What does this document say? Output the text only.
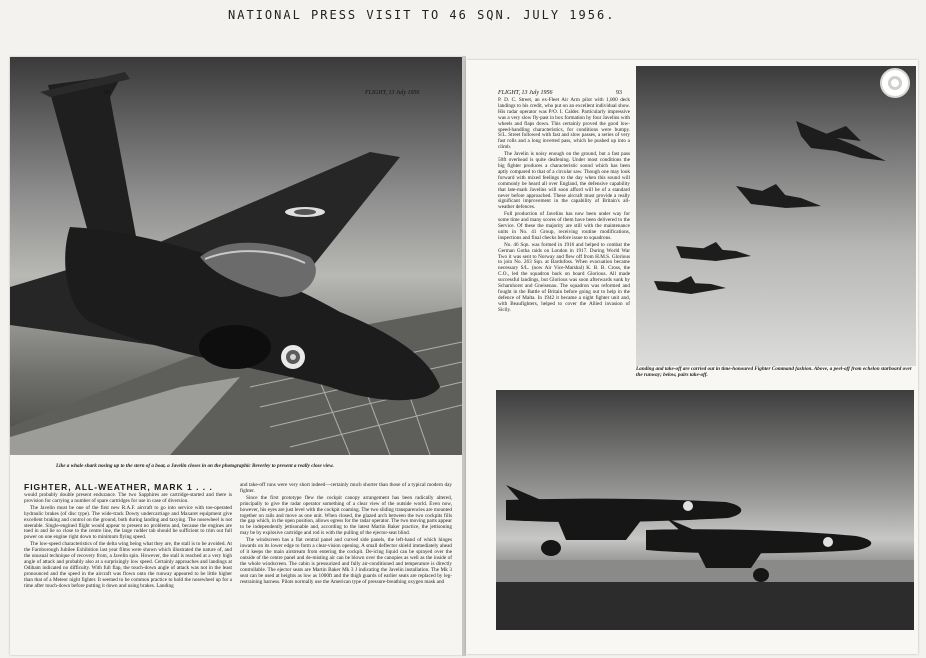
NATIONAL PRESS VISIT TO 46 SQN. JULY 1956.
90	FLIGHT, 13 July 1956
Like a whale shark nosing up to the stern of a boat, a Javelin closes in on the photographic Beverley to present a really close view.
FIGHTER, ALL-WEATHER, MARK 1 . . .

would probably double present endurance. The two Sapphires are cartridge-started and there is provision for carrying a number of spare cartridges for use in case of diversion.

The Javelin must be one of the first new R.A.F. aircraft to go into service with toe-operated hydraulic brakes (of disc type). The wide-track Dowty undercarriage and Maxaret equipment give excellent braking and control on the ground, both during landing and taxying. The nosewheel is not steerable. Single-engined flight would appear to present no problems and, because the engines are toed in and lie so close to the centre line, the large rudder tab should be sufficient to trim out full power on one engine right down to minimum flying speed.

The low-speed characteristics of the delta wing being what they are, the stall is to be avoided. At the Farnborough Jubilee Exhibition last year films were shown which illustrated the nature of, and the unusual technique of recovery from, a Javelin spin. However, the stall is reached at a very high angle of attack and probably also at a surprisingly low speed. Certainly approaches and landings at Odiham indicated no difficulty. With full flap, the touch-down angle of attack was not in the least pronounced and the speed in the aircraft was flown onto the runway appeared to be little higher than that of a Meteor night fighter. It seemed to be common practice to hold the nosewheel up for a time after touch-down before putting it down and using brakes. Landing

and take-off runs were very short indeed—certainly much shorter than those of a typical modern day fighter.

Since the first prototype flew the cockpit canopy arrangement has been radically altered, principally to give the radar operator something of a clear view of the outside world. Even now, however, his eyes are just level with the cockpit coaming. The two sliding transparencies are mounted together on rails and move as one unit. When closed, the glazed arch between the two cockpits fills the gap which, in the open position, allows egress for the radar operator. The two moving parts appear to be independently jettisonable and, according to the latest Martin Baker practice, the jettisoning may be by explosive cartridge and rod is with the pulling of the ejector-seat blind.

The windscreen has a flat central panel and curved side panels, the left-hand of which hinges inwards on its lower edge to form a clear-vision opening. A small deflector shield immediately ahead of it keeps the main airstream from entering the cockpit. De-icing liquid can be sprayed over the outside of the centre panel and de-misting air can be blown over the canopies as well as the inside of the whole windscreen. The cabin is pressurized and fully air-conditioned and temperature is directly controllable. The ejector seats are Martin Baker Mk 3 J indicating the Javelin installation. The Mk 3 seat can be used at heights as low as 1000ft and the thigh guards of earlier seats are replaced by leg-restraining harness. Pilots normally use the American type of pressure-breathing oxygen mask and

FLIGHT, 13 July 1956	93

P. D. C. Street, an ex-Fleet Air Arm pilot with 1,000 deck landings to his credit, who put on an excellent individual show. His radar operator was P/O. I. Calder. Particularly impressive was a very slow fly-past in box formation by four Javelins with wheels and flaps down. This certainly proved the good low-speed-handling characteristics, for conditions were bumpy. S/L. Street followed with fast and slow passes, a series of very fast rolls and a long inverted pass, which he pushed up into a climb.

The Javelin is noisy enough on the ground, but a fast pass 50ft overhead is quite deafening. Under most conditions the big fighter produces a characteristic sound which has been aptly compared to that of a circular saw. Though one may look forward with mixed feelings to the day when this sound will commonly be heard all over England, the defensive capability that late-mark Javelins will soon afford will be of a standard never before approached. These aircraft must provide a really significant improvement in the capability of Britain's all-weather defences.

Full production of Javelins has now been under way for some time and many scores of them have been delivered to the Service. Of these the majority are still with the maintenance units in No. 41 Group, receiving routine modifications, inspections and final checks before issue to squadrons.

No. 46 Sqn. was formed in 1916 and helped to combat the German Gotha raids on London in 1917. During World War Two it was sent to Norway and flew off from H.M.S. Glorious to join No. 263 Sqn. at Bardufoss. When evacuation became necessary S/L. (now Air Vice-Marshal) K. B. B. Cross, the C.O., led the squadron back on board Glorious. All made successful landings, but Glorious was soon afterwards sunk by Scharnhorst and Gneisenau. The squadron was reformed and fought in the Battle of Britain before going out to help in the defence of Malta. In 1942 it became a night fighter unit and, with Beaufighters, helped to cover the Allied invasion of Sicily.

Landing and take-off are carried out in time-honoured Fighter Command fashion. Above, a peel-off from echelon starboard over the runway; below, pairs take-off.
